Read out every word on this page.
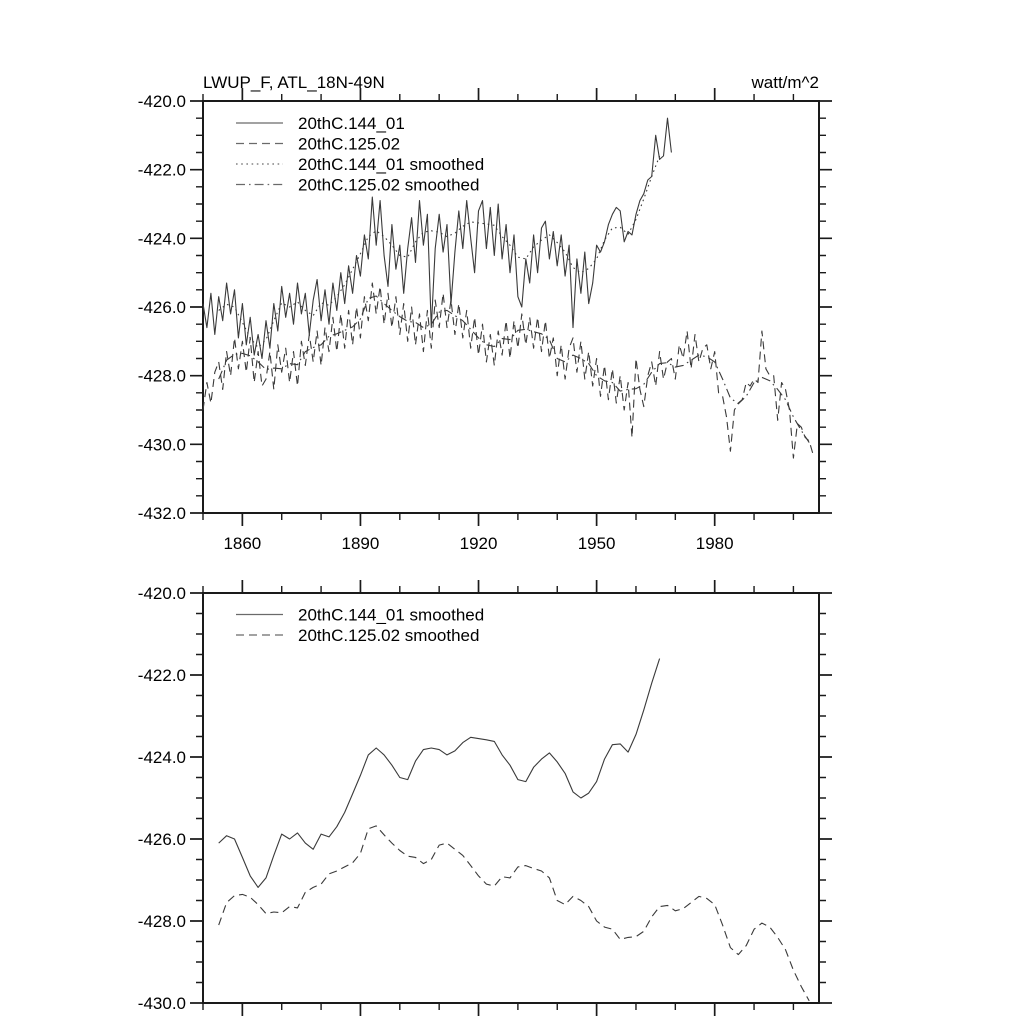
LWUP_F, ATL_18N-49N	watt/m^2
-420.0
-422.0
-424.0
-426.0
-428.0
-430.0
-432.0
1860	1890	1920	1950	1980
20thC.144_01
20thC.125.02
20thC.144_01 smoothed
20thC.125.02 smoothed
-420.0
-422.0
-424.0
-426.0
-428.0
-430.0
20thC.144_01 smoothed
20thC.125.02 smoothed
